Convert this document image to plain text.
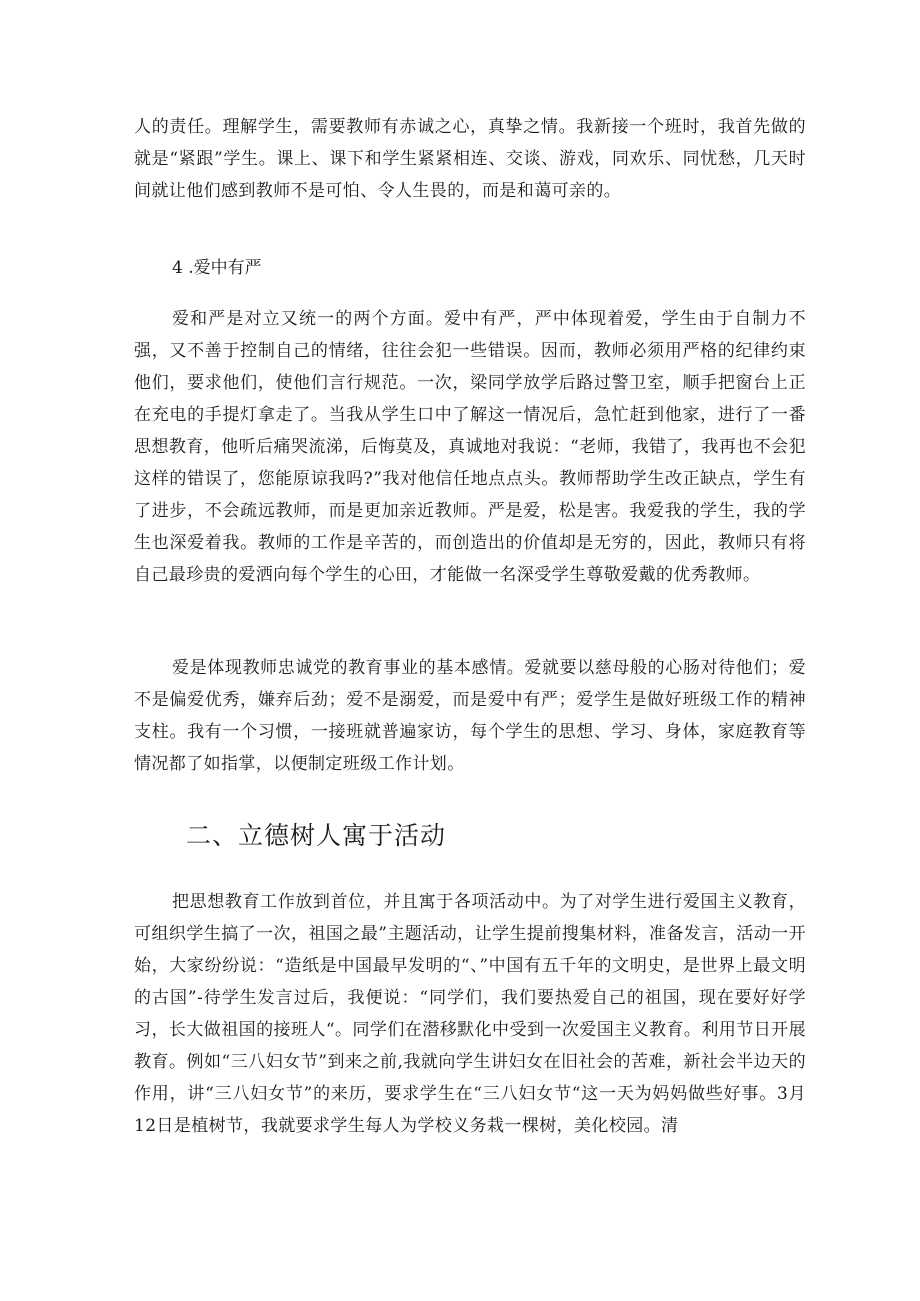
人的责任。理解学生，需要教师有赤诚之心，真挚之情。我新接一个班时，我首先做的就是“紧跟”学生。课上、课下和学生紧紧相连、交谈、游戏，同欢乐、同忧愁，几天时间就让他们感到教师不是可怕、令人生畏的，而是和蔼可亲的。

4 .爱中有严

爱和严是对立又统一的两个方面。爱中有严，严中体现着爱，学生由于自制力不强，又不善于控制自己的情绪，往往会犯一些错误。因而，教师必须用严格的纪律约束他们，要求他们，使他们言行规范。一次，梁同学放学后路过警卫室，顺手把窗台上正在充电的手提灯拿走了。当我从学生口中了解这一情况后，急忙赶到他家，进行了一番思想教育，他听后痛哭流涕，后悔莫及，真诚地对我说：“老师，我错了，我再也不会犯这样的错误了，您能原谅我吗?”我对他信任地点点头。教师帮助学生改正缺点，学生有了进步，不会疏远教师，而是更加亲近教师。严是爱，松是害。我爱我的学生，我的学生也深爱着我。教师的工作是辛苦的，而创造出的价值却是无穷的，因此，教师只有将自己最珍贵的爱洒向每个学生的心田，才能做一名深受学生尊敬爱戴的优秀教师。

爱是体现教师忠诚党的教育事业的基本感情。爱就要以慈母般的心肠对待他们；爱不是偏爱优秀，嫌弃后劲；爱不是溺爱，而是爱中有严；爱学生是做好班级工作的精神支柱。我有一个习惯，一接班就普遍家访，每个学生的思想、学习、身体，家庭教育等情况都了如指掌，以便制定班级工作计划。

二、立德树人寓于活动

把思想教育工作放到首位，并且寓于各项活动中。为了对学生进行爱国主义教育，可组织学生搞了一次，祖国之最”主题活动，让学生提前搜集材料，准备发言，活动一开始，大家纷纷说：“造纸是中国最早发明的“、”中国有五千年的文明史，是世界上最文明的古国”-待学生发言过后，我便说：“同学们，我们要热爱自己的祖国，现在要好好学习，长大做祖国的接班人“。同学们在潜移默化中受到一次爱国主义教育。利用节日开展教育。例如“三八妇女节”到来之前,我就向学生讲妇女在旧社会的苦难，新社会半边天的作用，讲“三八妇女节”的来历，要求学生在“三八妇女节“这一天为妈妈做些好事。3月12日是植树节，我就要求学生每人为学校义务栽一棵树，美化校园。清
